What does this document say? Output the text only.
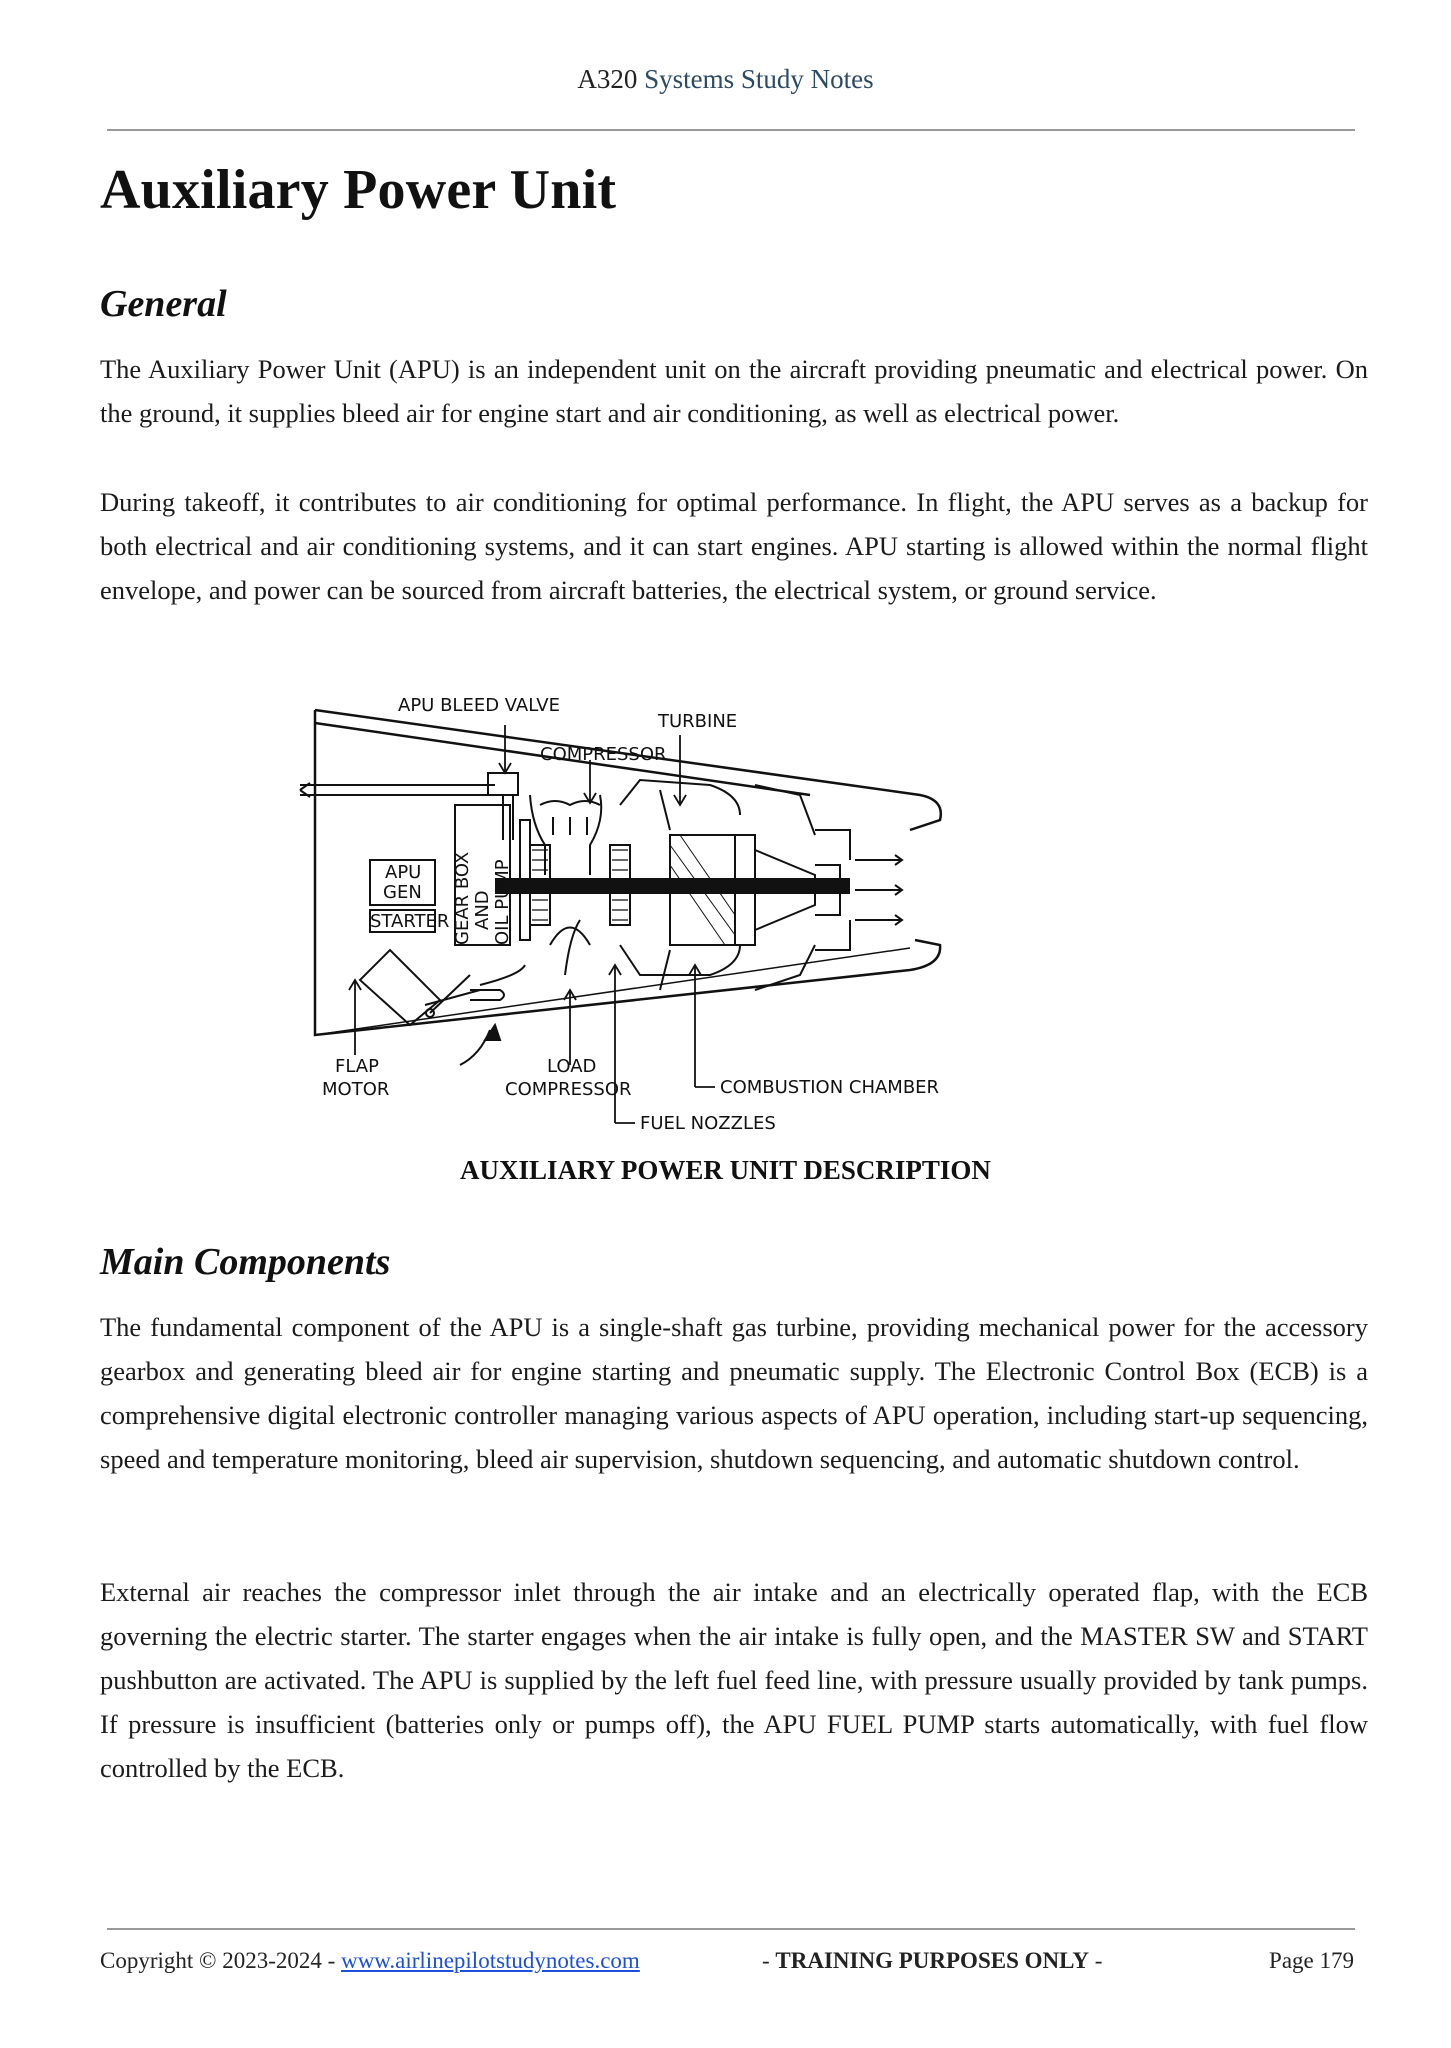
A320 Systems Study Notes
Auxiliary Power Unit
General

The Auxiliary Power Unit (APU) is an independent unit on the aircraft providing pneumatic and electrical power. On the ground, it supplies bleed air for engine start and air conditioning, as well as electrical power.

During takeoff, it contributes to air conditioning for optimal performance. In flight, the APU serves as a backup for both electrical and air conditioning systems, and it can start engines. APU starting is allowed within the normal flight envelope, and power can be sourced from aircraft batteries, the electrical system, or ground service.

APU BLEED VALVE
TURBINE
COMPRESSOR
APU
GEN
STARTER GEAR BOX AND OIL PUMP
FLAP
MOTOR
LOAD
COMPRESSOR	COMBUSTION CHAMBER
FUEL NOZZLES
AUXILIARY POWER UNIT DESCRIPTION
Main Components

The fundamental component of the APU is a single-shaft gas turbine, providing mechanical power for the accessory gearbox and generating bleed air for engine starting and pneumatic supply. The Electronic Control Box (ECB) is a comprehensive digital electronic controller managing various aspects of APU operation, including start-up sequencing, speed and temperature monitoring, bleed air supervision, shutdown sequencing, and automatic shutdown control.

External air reaches the compressor inlet through the air intake and an electrically operated flap, with the ECB governing the electric starter. The starter engages when the air intake is fully open, and the MASTER SW and START pushbutton are activated. The APU is supplied by the left fuel feed line, with pressure usually provided by tank pumps. If pressure is insufficient (batteries only or pumps off), the APU FUEL PUMP starts automatically, with fuel flow controlled by the ECB.

Copyright © 2023-2024 - www.airlinepilotstudynotes.com	- TRAINING PURPOSES ONLY -	Page 179
